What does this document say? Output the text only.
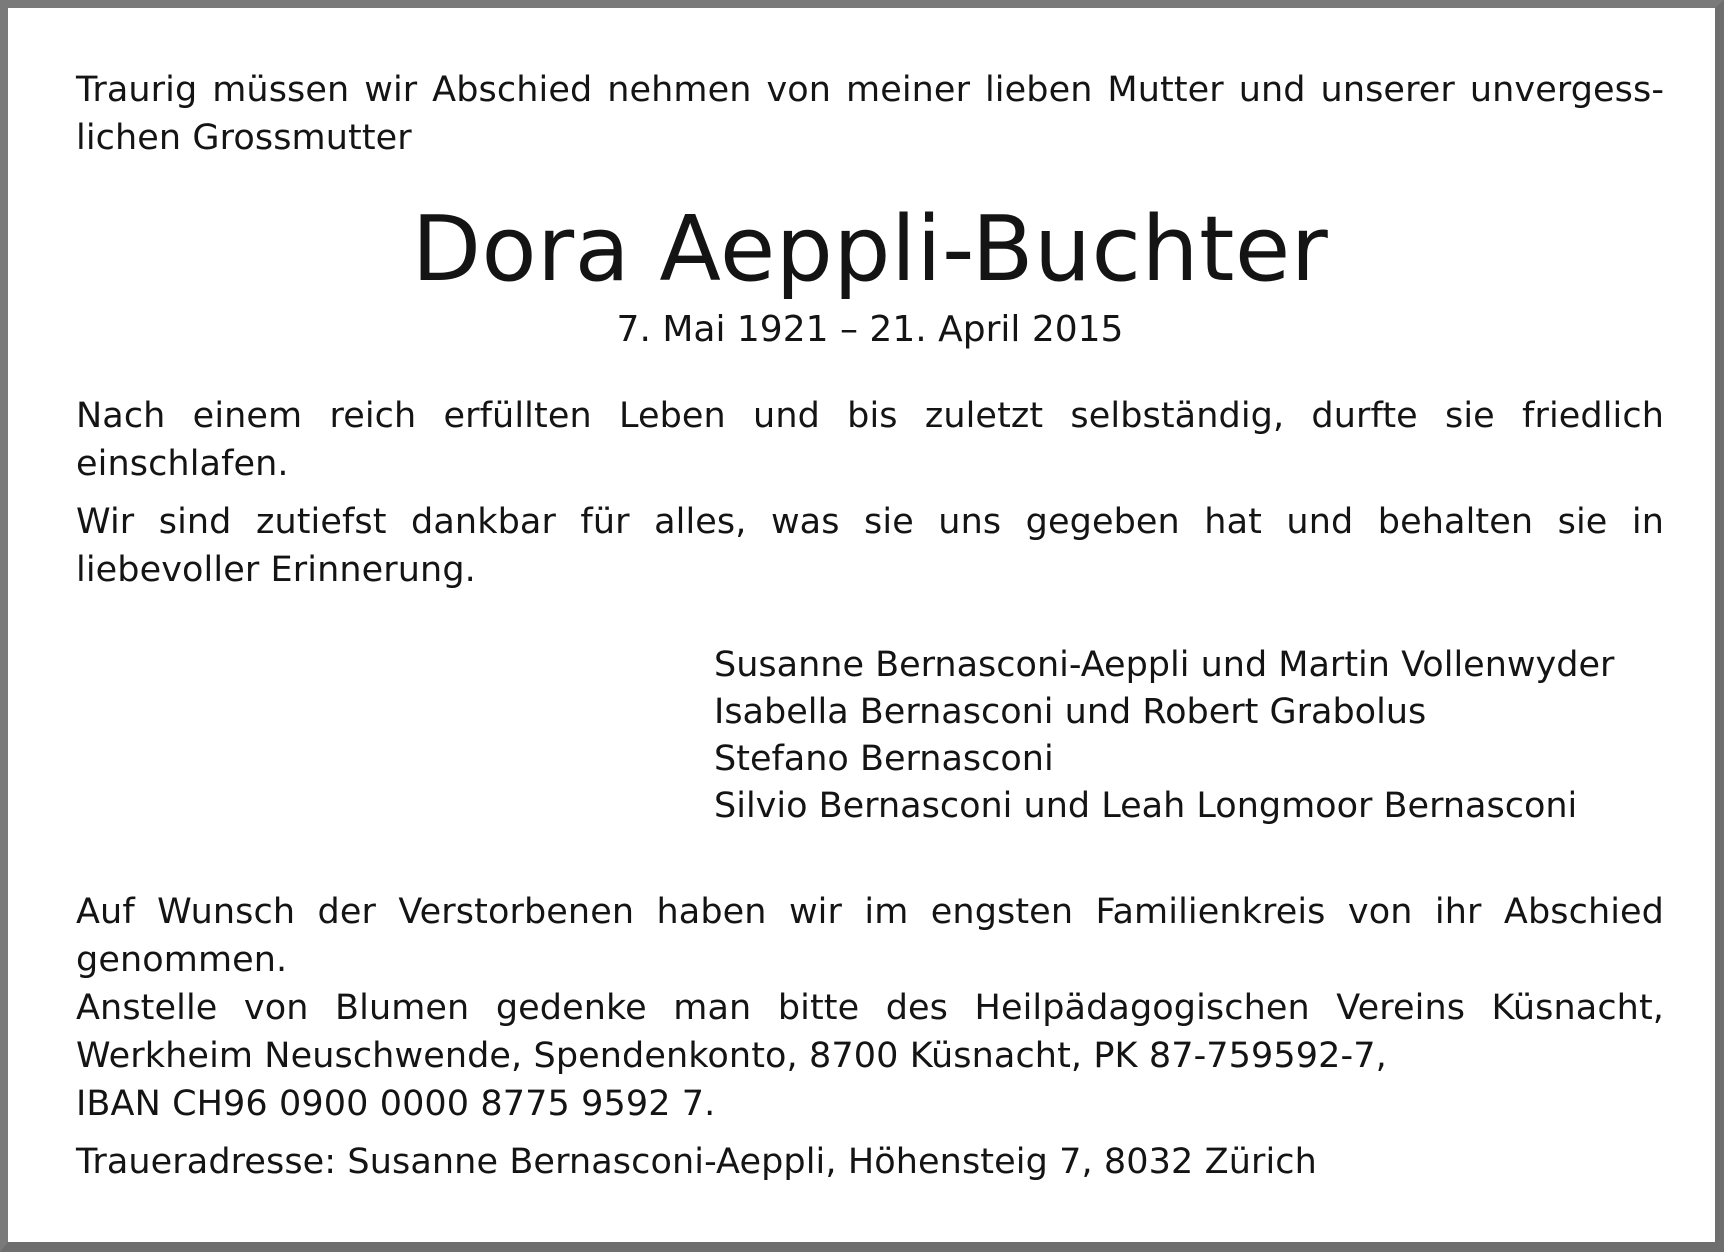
Traurig müssen wir Abschied nehmen von meiner lieben Mutter und unserer unvergesslichen Grossmutter

Dora Aeppli-Buchter

7. Mai 1921 – 21. April 2015

Nach einem reich erfüllten Leben und bis zuletzt selbständig, durfte sie friedlich einschlafen.

Wir sind zutiefst dankbar für alles, was sie uns gegeben hat und behalten sie in liebevoller Erinnerung.

Susanne Bernasconi-Aeppli und Martin Vollenwyder
Isabella Bernasconi und Robert Grabolus
Stefano Bernasconi
Silvio Bernasconi und Leah Longmoor Bernasconi

Auf Wunsch der Verstorbenen haben wir im engsten Familienkreis von ihr Abschied genommen.

Anstelle von Blumen gedenke man bitte des Heilpädagogischen Vereins Küsnacht, Werkheim Neuschwende, Spendenkonto, 8700 Küsnacht, PK 87-759592-7,

IBAN CH96 0900 0000 8775 9592 7.

Traueradresse: Susanne Bernasconi-Aeppli, Höhensteig 7, 8032 Zürich
